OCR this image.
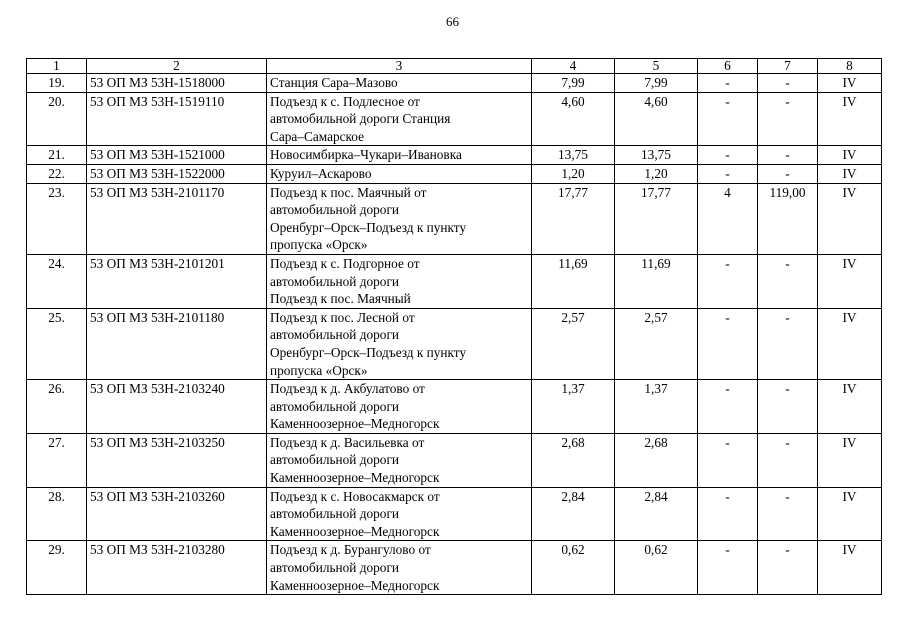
66
1	2	3	4	5	6	7	8
19.	53 ОП МЗ 53Н-1518000	Станция Сара–Мазово	7,99	7,99	-	-	IV
20.	53 ОП МЗ 53Н-1519110	Подъезд к с. Подлесное от
автомобильной дороги Станция
Сара–Самарское	4,60	4,60	-	-	IV
21.	53 ОП МЗ 53Н-1521000	Новосимбирка–Чукари–Ивановка	13,75	13,75	-	-	IV
22.	53 ОП МЗ 53Н-1522000	Куруил–Аскарово	1,20	1,20	-	-	IV
23.	53 ОП МЗ 53Н-2101170	Подъезд к пос. Маячный от
автомобильной дороги
Оренбург–Орск–Подъезд к пункту
пропуска «Орск»	17,77	17,77	4	119,00	IV
24.	53 ОП МЗ 53Н-2101201	Подъезд к с. Подгорное от
автомобильной дороги
Подъезд к пос. Маячный	11,69	11,69	-	-	IV
25.	53 ОП МЗ 53Н-2101180	Подъезд к пос. Лесной от
автомобильной дороги
Оренбург–Орск–Подъезд к пункту
пропуска «Орск»	2,57	2,57	-	-	IV
26.	53 ОП МЗ 53Н-2103240	Подъезд к д. Акбулатово от
автомобильной дороги
Каменноозерное–Медногорск	1,37	1,37	-	-	IV
27.	53 ОП МЗ 53Н-2103250	Подъезд к д. Васильевка от
автомобильной дороги
Каменноозерное–Медногорск	2,68	2,68	-	-	IV
28.	53 ОП МЗ 53Н-2103260	Подъезд к с. Новосакмарск от
автомобильной дороги
Каменноозерное–Медногорск	2,84	2,84	-	-	IV
29.	53 ОП МЗ 53Н-2103280	Подъезд к д. Бурангулово от
автомобильной дороги
Каменноозерное–Медногорск	0,62	0,62	-	-	IV
